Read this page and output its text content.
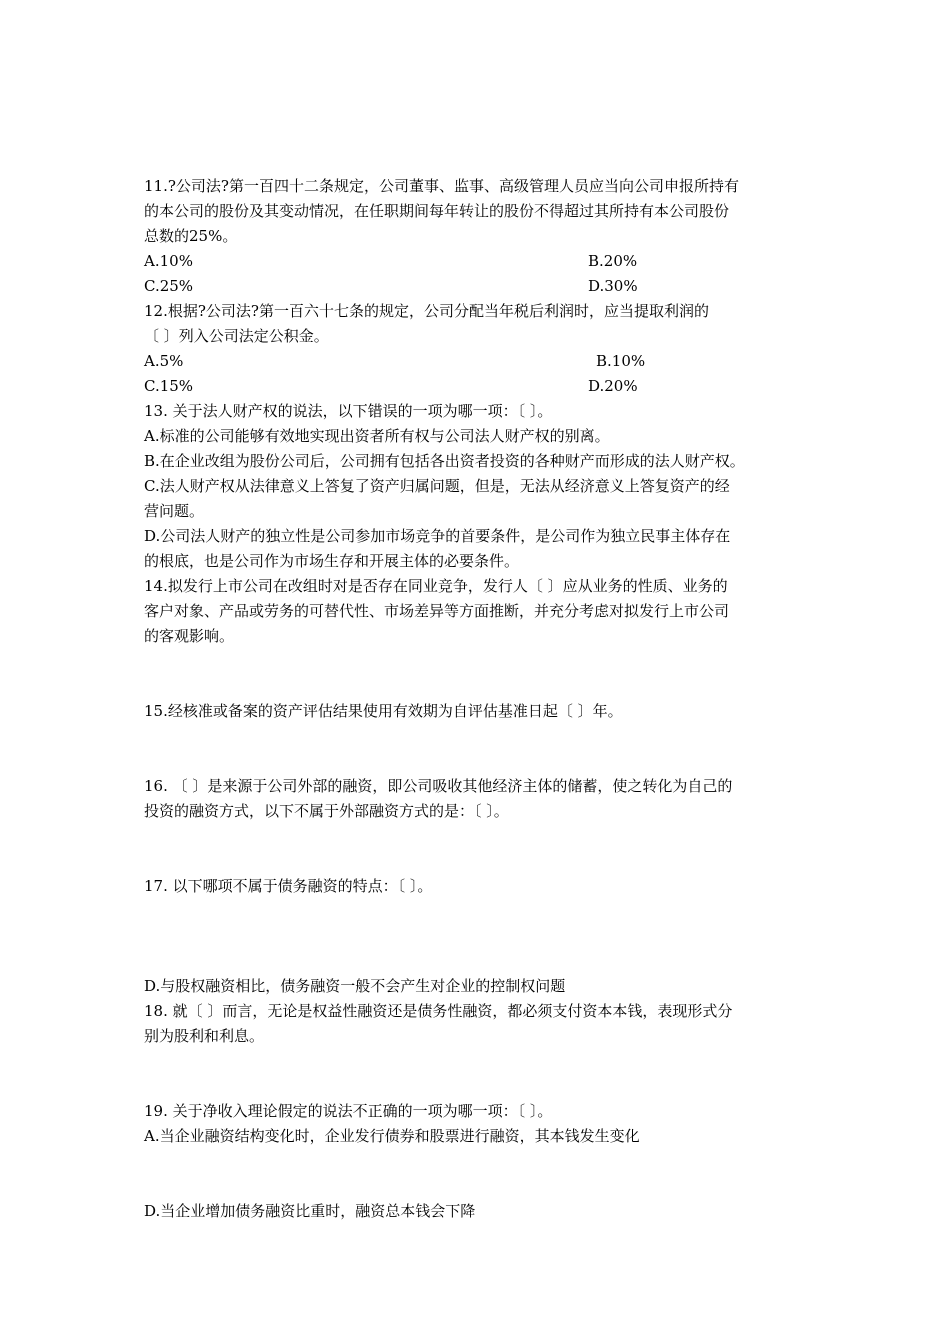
11.?公司法?第一百四十二条规定，公司董事、监事、高级管理人员应当向公司申报所持有
的本公司的股份及其变动情况，在任职期间每年转让的股份不得超过其所持有本公司股份
总数的25%。
A.10%	B.20%
C.25%	D.30%
12.根据?公司法?第一百六十七条的规定，公司分配当年税后利润时，应当提取利润的
〔 〕列入公司法定公积金。
A.5%	B.10%
C.15%	D.20%
13. 关于法人财产权的说法，以下错误的一项为哪一项：〔 〕。
A.标准的公司能够有效地实现出资者所有权与公司法人财产权的别离。
B.在企业改组为股份公司后，公司拥有包括各出资者投资的各种财产而形成的法人财产权。
C.法人财产权从法律意义上答复了资产归属问题，但是，无法从经济意义上答复资产的经
营问题。
D.公司法人财产的独立性是公司参加市场竞争的首要条件，是公司作为独立民事主体存在
的根底，也是公司作为市场生存和开展主体的必要条件。
14.拟发行上市公司在改组时对是否存在同业竞争，发行人〔 〕应从业务的性质、业务的
客户对象、产品或劳务的可替代性、市场差异等方面推断，并充分考虑对拟发行上市公司
的客观影响。
15.经核准或备案的资产评估结果使用有效期为自评估基准日起〔 〕年。
16. 〔 〕是来源于公司外部的融资，即公司吸收其他经济主体的储蓄，使之转化为自己的
投资的融资方式，以下不属于外部融资方式的是：〔 〕。
17. 以下哪项不属于债务融资的特点：〔 〕。
D.与股权融资相比，债务融资一般不会产生对企业的控制权问题
18. 就〔 〕而言，无论是权益性融资还是债务性融资，都必须支付资本本钱，表现形式分
别为股利和利息。
19. 关于净收入理论假定的说法不正确的一项为哪一项：〔 〕。
A.当企业融资结构变化时，企业发行债券和股票进行融资，其本钱发生变化
D.当企业增加债务融资比重时，融资总本钱会下降
